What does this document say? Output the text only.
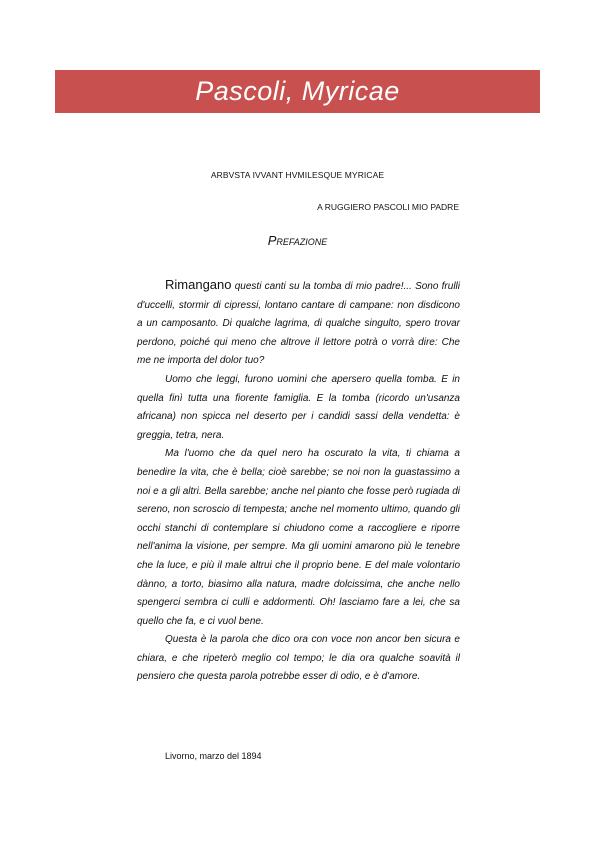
Pascoli, Myricae
ARBVSTA IVVANT HVMILESQUE MYRICAE
A RUGGIERO PASCOLI MIO PADRE
Prefazione

Rimangano questi canti su la tomba di mio padre!... Sono frulli d'uccelli, stormir di cipressi, lontano cantare di campane: non disdicono a un camposanto. Di qualche lagrima, di qualche singulto, spero trovar perdono, poiché qui meno che altrove il lettore potrà o vorrà dire: Che me ne importa del dolor tuo?

Uomo che leggi, furono uomini che apersero quella tomba. E in quella finì tutta una fiorente famiglia. E la tomba (ricordo un'usanza africana) non spicca nel deserto per i candidi sassi della vendetta: è greggia, tetra, nera.

Ma l'uomo che da quel nero ha oscurato la vita, ti chiama a benedire la vita, che è bella; cioè sarebbe; se noi non la guastassimo a noi e a gli altri. Bella sarebbe; anche nel pianto che fosse però rugiada di sereno, non scroscio di tempesta; anche nel momento ultimo, quando gli occhi stanchi di contemplare si chiudono come a raccogliere e riporre nell'anima la visione, per sempre. Ma gli uomini amarono più le tenebre che la luce, e più il male altrui che il proprio bene. E del male volontario dànno, a torto, biasimo alla natura, madre dolcissima, che anche nello spengerci sembra ci culli e addormenti. Oh! lasciamo fare a lei, che sa quello che fa, e ci vuol bene.

Questa è la parola che dico ora con voce non ancor ben sicura e chiara, e che ripeterò meglio col tempo; le dia ora qualche soavità il pensiero che questa parola potrebbe esser di odio, e è d'amore.

Livorno, marzo del 1894
